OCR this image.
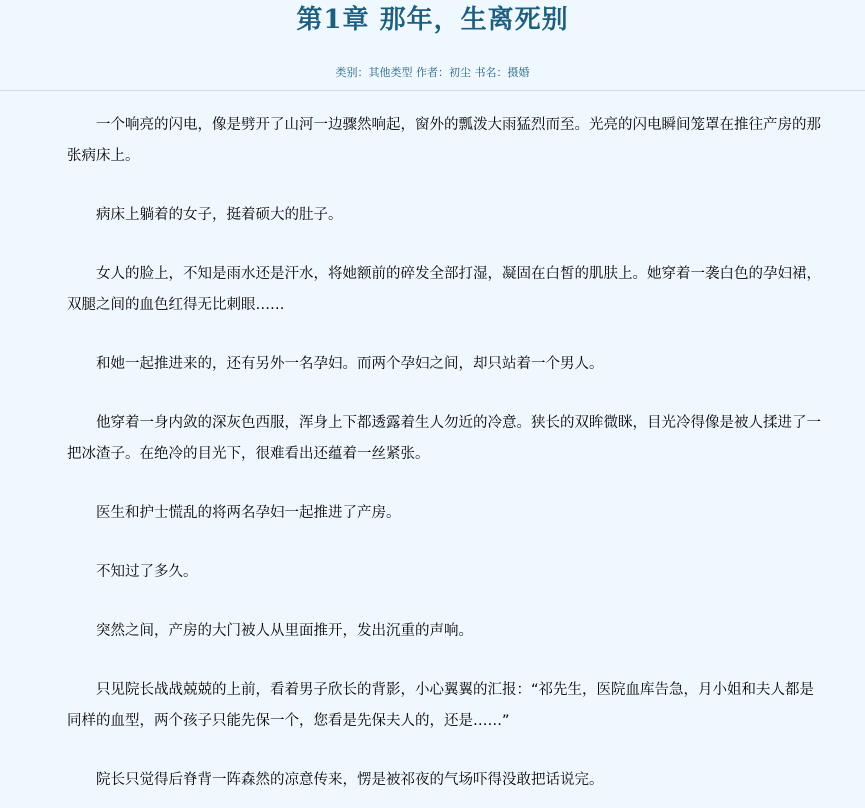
第1章 那年，生离死别
类别：其他类型 作者：初尘 书名：摄婚

一个响亮的闪电，像是劈开了山河一边骤然响起，窗外的瓢泼大雨猛烈而至。光亮的闪电瞬间笼罩在推往产房的那张病床上。

病床上躺着的女子，挺着硕大的肚子。

女人的脸上，不知是雨水还是汗水，将她额前的碎发全部打湿，凝固在白皙的肌肤上。她穿着一袭白色的孕妇裙，双腿之间的血色红得无比刺眼……

和她一起推进来的，还有另外一名孕妇。而两个孕妇之间，却只站着一个男人。

他穿着一身内敛的深灰色西服，浑身上下都透露着生人勿近的冷意。狭长的双眸微眯，目光冷得像是被人揉进了一把冰渣子。在绝冷的目光下，很难看出还蕴着一丝紧张。

医生和护士慌乱的将两名孕妇一起推进了产房。

不知过了多久。

突然之间，产房的大门被人从里面推开，发出沉重的声响。

只见院长战战兢兢的上前，看着男子欣长的背影，小心翼翼的汇报：“祁先生，医院血库告急，月小姐和夫人都是同样的血型，两个孩子只能先保一个，您看是先保夫人的，还是……”

院长只觉得后脊背一阵森然的凉意传来，愣是被祁夜的气场吓得没敢把话说完。
